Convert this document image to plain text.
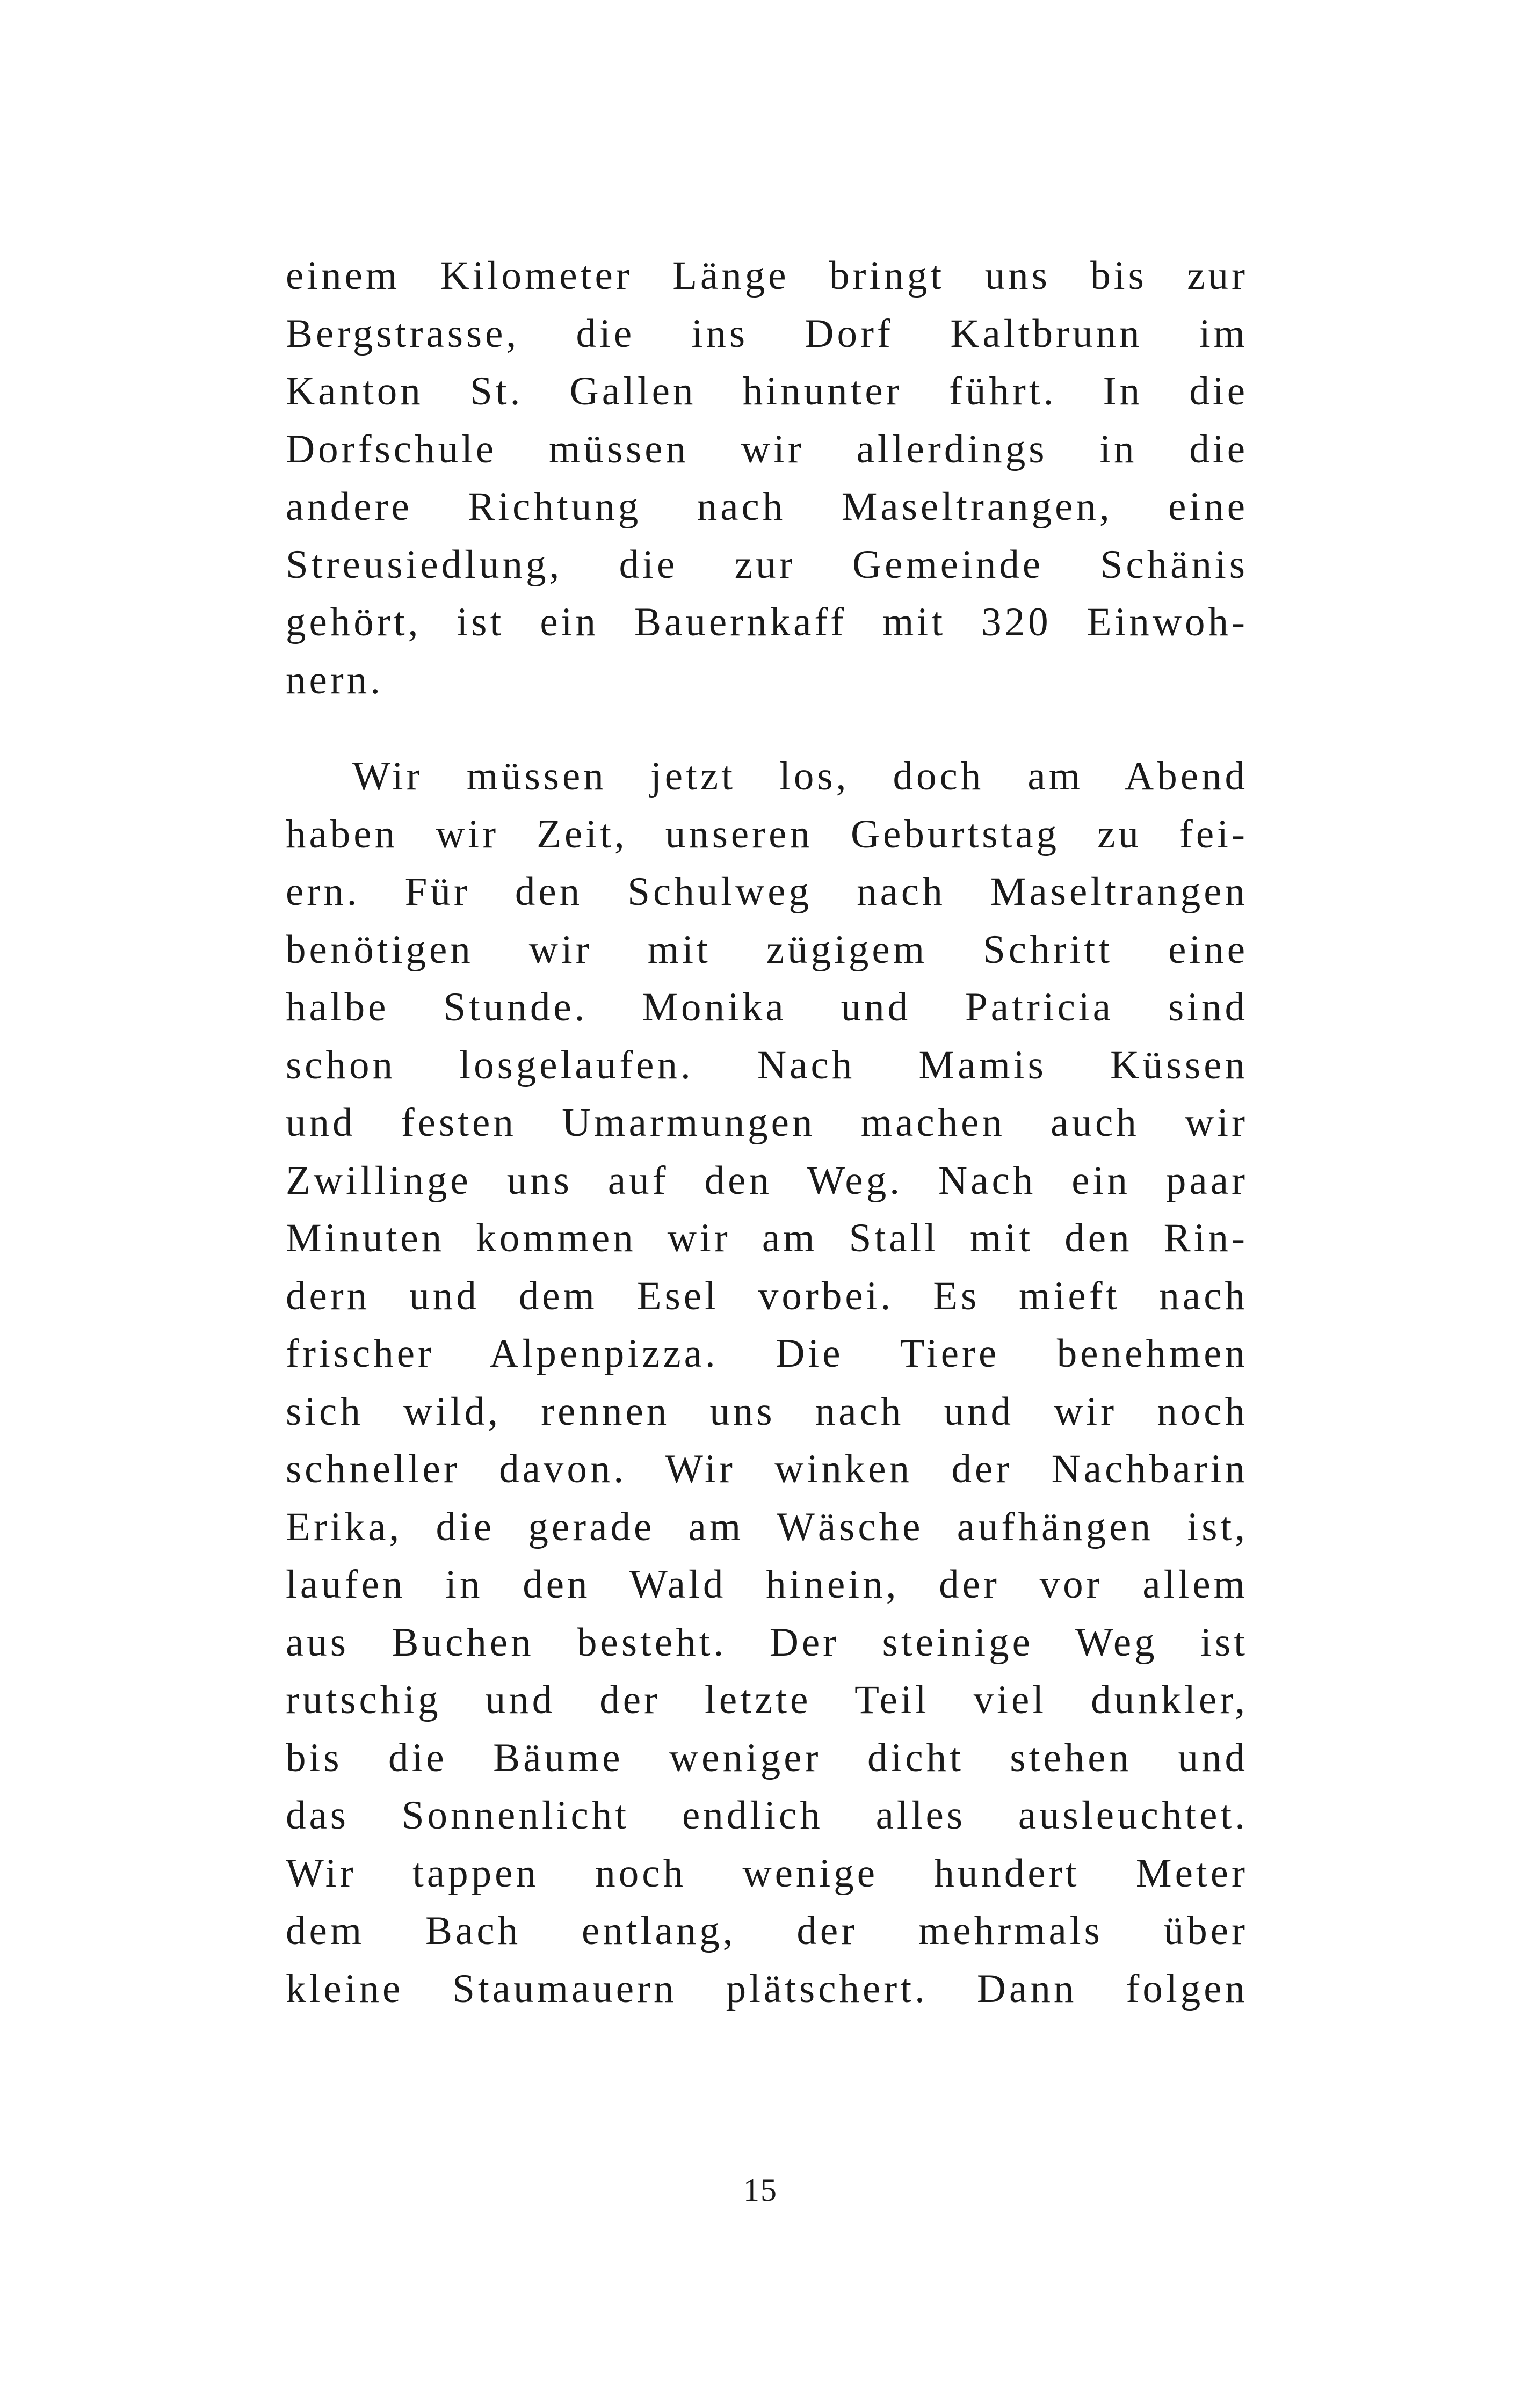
einem Kilometer Länge bringt uns bis zur
Bergstrasse, die ins Dorf Kaltbrunn im
Kanton St. Gallen hinunter führt. In die
Dorfschule müssen wir allerdings in die
andere Richtung nach Maseltrangen, eine
Streusiedlung, die zur Gemeinde Schänis
gehört, ist ein Bauernkaff mit 320 Einwoh-
nern.
Wir müssen jetzt los, doch am Abend
haben wir Zeit, unseren Geburtstag zu fei-
ern. Für den Schulweg nach Maseltrangen
benötigen wir mit zügigem Schritt eine
halbe Stunde. Monika und Patricia sind
schon losgelaufen. Nach Mamis Küssen
und festen Umarmungen machen auch wir
Zwillinge uns auf den Weg. Nach ein paar
Minuten kommen wir am Stall mit den Rin-
dern und dem Esel vorbei. Es mieft nach
frischer Alpenpizza. Die Tiere benehmen
sich wild, rennen uns nach und wir noch
schneller davon. Wir winken der Nachbarin
Erika, die gerade am Wäsche aufhängen ist,
laufen in den Wald hinein, der vor allem
aus Buchen besteht. Der steinige Weg ist
rutschig und der letzte Teil viel dunkler,
bis die Bäume weniger dicht stehen und
das Sonnenlicht endlich alles ausleuchtet.
Wir tappen noch wenige hundert Meter
dem Bach entlang, der mehrmals über
kleine Staumauern plätschert. Dann folgen
15
